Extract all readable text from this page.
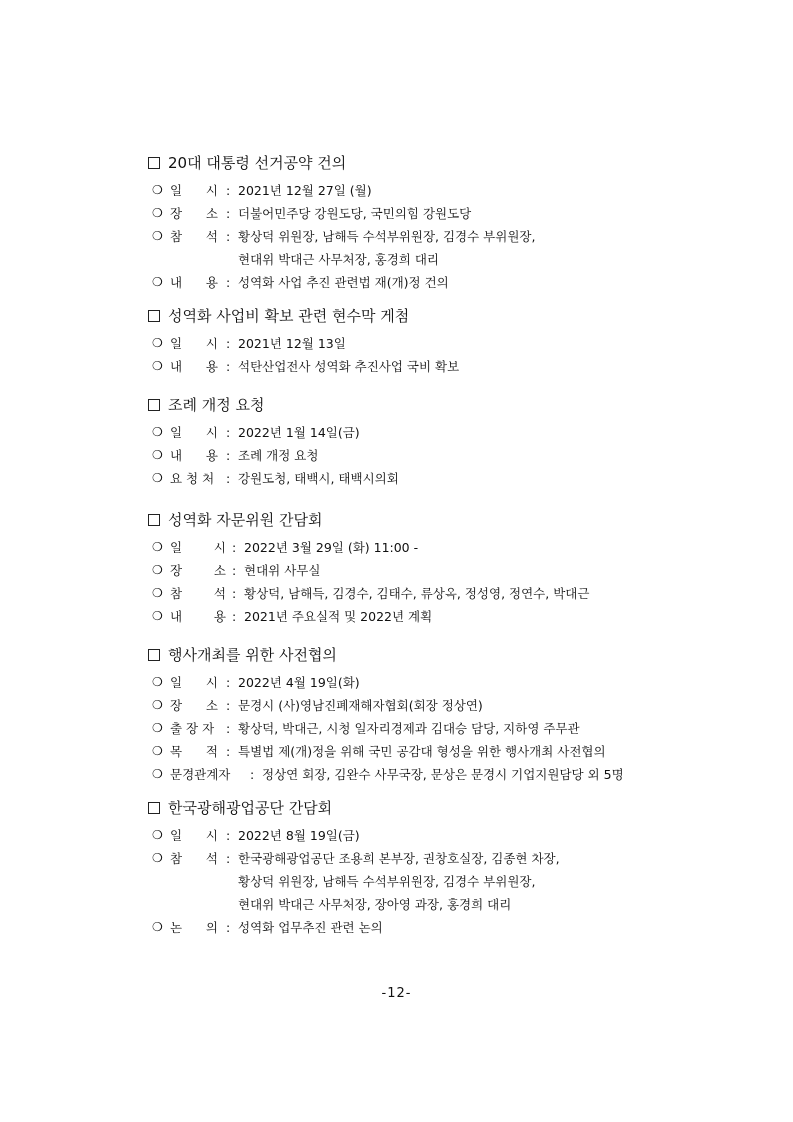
20대 대통령 선거공약 건의
❍ 일      시 : 2021년 12월 27일 (월)
❍ 장      소 : 더불어민주당 강원도당, 국민의힘 강원도당
❍ 참      석 : 황상덕 위원장, 남해득 수석부위원장, 김경수 부위원장,
현대위 박대근 사무처장, 홍경희 대리
❍ 내      용 : 성역화 사업 추진 관련법 재(개)정 건의
성역화 사업비 확보 관련 현수막 게첨
❍ 일      시 : 2021년 12월 13일
❍ 내      용 : 석탄산업전사 성역화 추진사업 국비 확보
조례 개정 요청
❍ 일      시 : 2022년 1월 14일(금)
❍ 내      용 : 조례 개정 요청
❍ 요 청 처 : 강원도청, 태백시, 태백시의회
성역화 자문위원 간담회
❍ 일        시 : 2022년 3월 29일 (화) 11:00 -
❍ 장        소 : 현대위 사무실
❍ 참        석 : 황상덕, 남해득, 김경수, 김태수, 류상옥, 정성영, 정연수, 박대근
❍ 내        용 : 2021년 주요실적 및 2022년 계획
행사개최를 위한 사전협의
❍ 일      시 : 2022년 4월 19일(화)
❍ 장      소 : 문경시 (사)영남진폐재해자협회(회장 정상연)
❍ 출 장 자 : 황상덕, 박대근, 시청 일자리경제과 김대승 담당, 지하영 주무관
❍ 목      적 : 특별법 제(개)정을 위해 국민 공감대 형성을 위한 행사개최 사전협의
❍ 문경관계자	: 정상연 회장, 김완수 사무국장, 문상은 문경시 기업지원담당 외 5명
한국광해광업공단 간담회
❍ 일      시 : 2022년 8월 19일(금)
❍ 참      석 : 한국광해광업공단 조용희 본부장, 권창호실장, 김종현 차장,
황상덕 위원장, 남해득 수석부위원장, 김경수 부위원장,
현대위 박대근 사무처장, 장아영 과장, 홍경희 대리
❍ 논      의 : 성역화 업무추진 관련 논의
-12-
